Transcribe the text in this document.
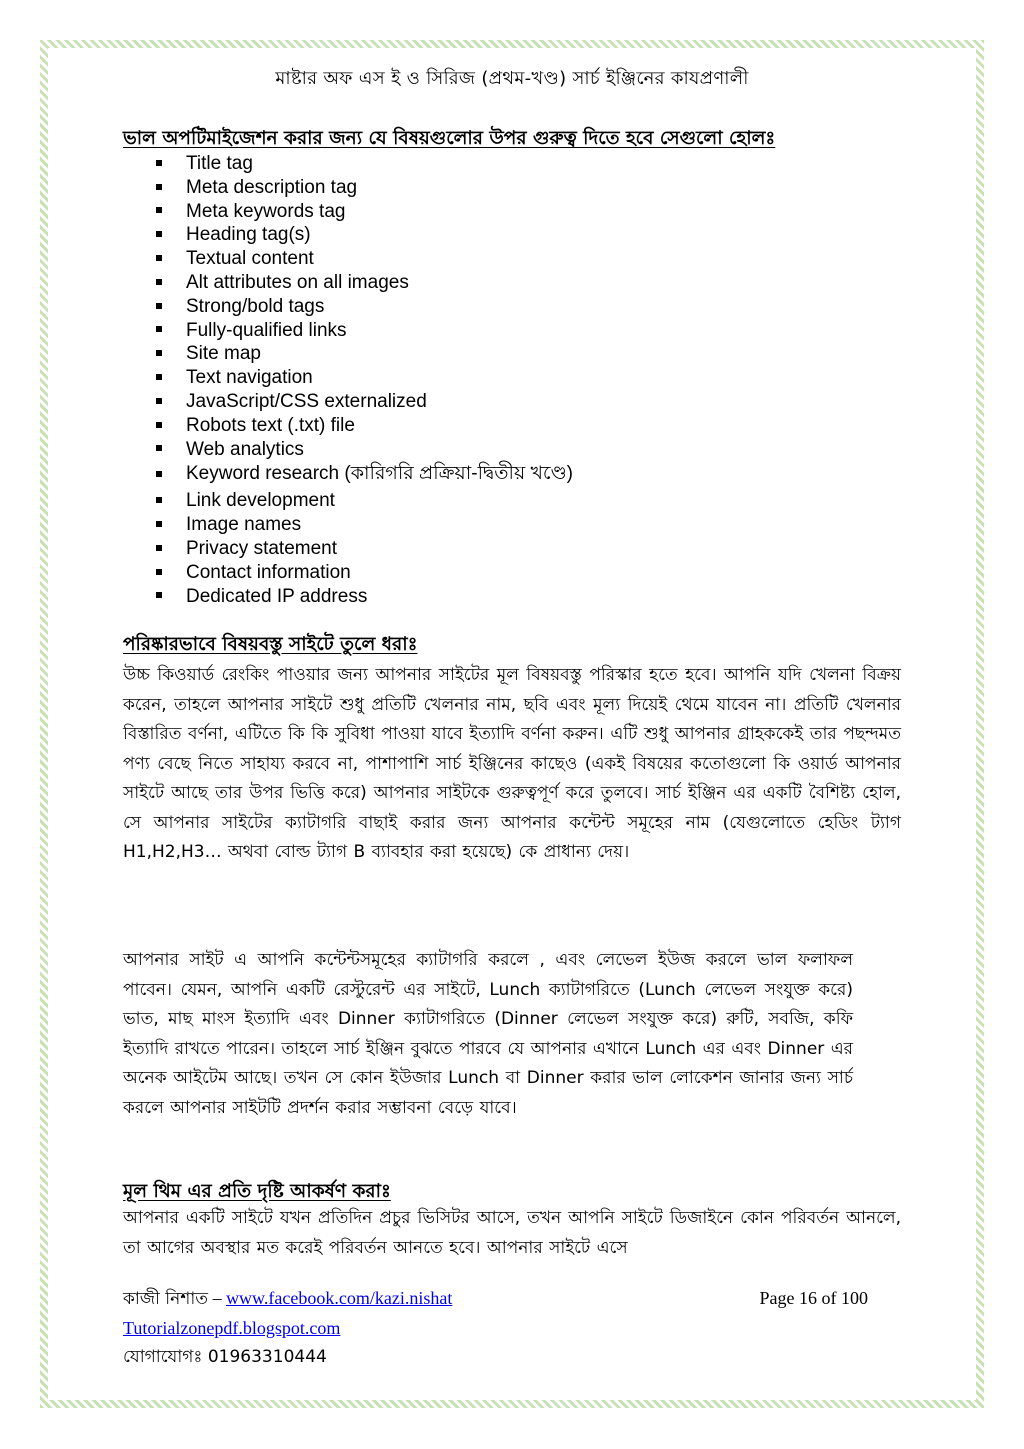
মাষ্টার অফ এস ই ও সিরিজ (প্রথম-খণ্ড) সার্চ ইঞ্জিনের কাযপ্রণালী
ভাল অপটিমাইজেশন করার জন্য যে বিষয়গুলোর উপর গুরুত্ব দিতে হবে সেগুলো হোলঃ
Title tag
Meta description tag
Meta keywords tag
Heading tag(s)
Textual content
Alt attributes on all images
Strong/bold tags
Fully-qualified links
Site map
Text navigation
JavaScript/CSS externalized
Robots text (.txt) file
Web analytics
Keyword research (কারিগরি প্রক্রিয়া-দ্বিতীয় খণ্ডে)
Link development
Image names
Privacy statement
Contact information
Dedicated IP address
পরিষ্কারভাবে বিষয়বস্তু সাইটে তুলে ধরাঃ

উচ্চ কিওয়ার্ড রেংকিং পাওয়ার জন্য আপনার সাইটের মূল বিষয়বস্তু পরিস্কার হতে হবে। আপনি যদি খেলনা বিক্রয় করেন, তাহলে আপনার সাইটে শুধু প্রতিটি খেলনার নাম, ছবি এবং মূল্য দিয়েই থেমে যাবেন না। প্রতিটি খেলনার বিস্তারিত বর্ণনা, এটিতে কি কি সুবিধা পাওয়া যাবে ইত্যাদি বর্ণনা করুন। এটি শুধু আপনার গ্রাহককেই তার পছন্দমত পণ্য বেছে নিতে সাহায্য করবে না, পাশাপাশি সার্চ ইঞ্জিনের কাছেও (একই বিষয়ের কতোগুলো কি ওয়ার্ড আপনার সাইটে আছে তার উপর ভিত্তি করে) আপনার সাইটকে গুরুত্বপূর্ণ করে তুলবে। সার্চ ইঞ্জিন এর একটি বৈশিষ্ট্য হোল, সে আপনার সাইটের ক্যাটাগরি বাছাই করার জন্য আপনার কন্টেন্ট সমূহের নাম (যেগুলোতে হেডিং ট্যাগ H1,H2,H3… অথবা বোল্ড ট্যাগ B ব্যাবহার করা হয়েছে) কে প্রাধান্য দেয়।

আপনার সাইট এ আপনি কন্টেন্টসমূহের ক্যাটাগরি করলে , এবং লেভেল ইউজ করলে ভাল ফলাফল পাবেন। যেমন, আপনি একটি রেস্টুরেন্ট এর সাইটে, Lunch ক্যাটাগরিতে (Lunch লেভেল সংযুক্ত করে) ভাত, মাছ মাংস ইত্যাদি এবং Dinner ক্যাটাগরিতে (Dinner লেভেল সংযুক্ত করে) রুটি, সবজি, কফি ইত্যাদি রাখতে পারেন। তাহলে সার্চ ইঞ্জিন বুঝতে পারবে যে আপনার এখানে Lunch এর এবং Dinner এর অনেক আইটেম আছে। তখন সে কোন ইউজার Lunch বা Dinner করার ভাল লোকেশন জানার জন্য সার্চ করলে আপনার সাইটটি প্রদর্শন করার সম্ভাবনা বেড়ে যাবে।

মূল থিম এর প্রতি দৃষ্টি আকর্ষণ করাঃ

আপনার একটি সাইটে যখন প্রতিদিন প্রচুর ভিসিটর আসে, তখন আপনি সাইটে ডিজাইনে কোন পরিবর্তন আনলে, তা আগের অবস্থার মত করেই পরিবর্তন আনতে হবে। আপনার সাইটে এসে

কাজী নিশাত – www.facebook.com/kazi.nishat	Page 16 of 100
Tutorialzonepdf.blogspot.com
যোগাযোগঃ 01963310444
